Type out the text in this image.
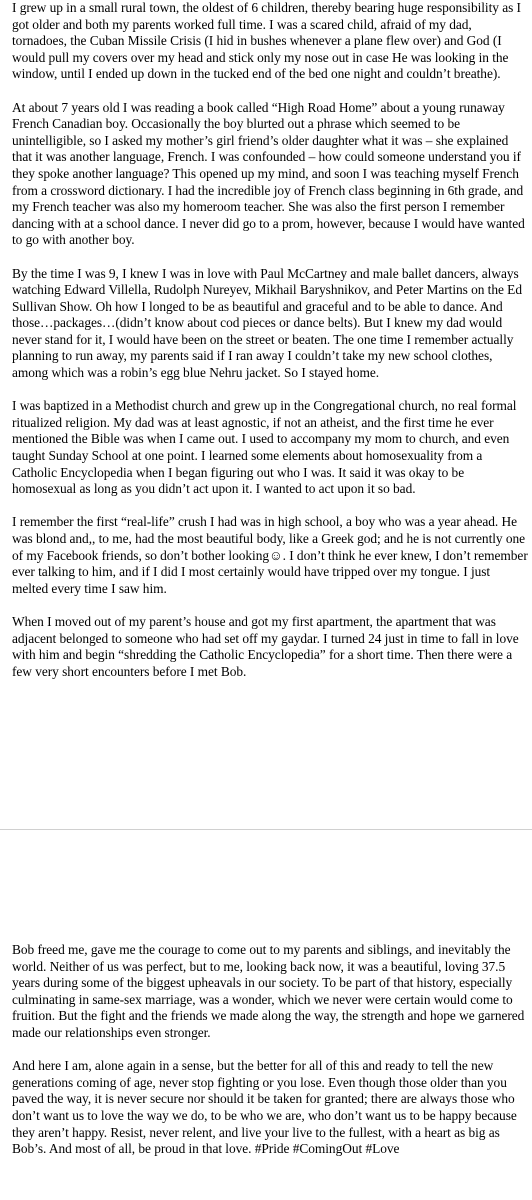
I grew up in a small rural town, the oldest of 6 children, thereby bearing huge responsibility as I got older and both my parents worked full time. I was a scared child, afraid of my dad, tornadoes, the Cuban Missile Crisis (I hid in bushes whenever a plane flew over) and God (I would pull my covers over my head and stick only my nose out in case He was looking in the window, until I ended up down in the tucked end of the bed one night and couldn’t breathe).

At about 7 years old I was reading a book called “High Road Home” about a young runaway French Canadian boy. Occasionally the boy blurted out a phrase which seemed to be unintelligible, so I asked my mother’s girl friend’s older daughter what it was – she explained that it was another language, French. I was confounded – how could someone understand you if they spoke another language? This opened up my mind, and soon I was teaching myself French from a crossword dictionary. I had the incredible joy of French class beginning in 6th grade, and my French teacher was also my homeroom teacher. She was also the first person I remember dancing with at a school dance. I never did go to a prom, however, because I would have wanted to go with another boy.

By the time I was 9, I knew I was in love with Paul McCartney and male ballet dancers, always watching Edward Villella, Rudolph Nureyev, Mikhail Baryshnikov, and Peter Martins on the Ed Sullivan Show. Oh how I longed to be as beautiful and graceful and to be able to dance. And those…packages…(didn’t know about cod pieces or dance belts). But I knew my dad would never stand for it, I would have been on the street or beaten. The one time I remember actually planning to run away, my parents said if I ran away I couldn’t take my new school clothes, among which was a robin’s egg blue Nehru jacket. So I stayed home.

I was baptized in a Methodist church and grew up in the Congregational church, no real formal ritualized religion. My dad was at least agnostic, if not an atheist, and the first time he ever mentioned the Bible was when I came out. I used to accompany my mom to church, and even taught Sunday School at one point. I learned some elements about homosexuality from a Catholic Encyclopedia when I began figuring out who I was. It said it was okay to be homosexual as long as you didn’t act upon it. I wanted to act upon it so bad.

I remember the first “real-life” crush I had was in high school, a boy who was a year ahead. He was blond and,, to me, had the most beautiful body, like a Greek god; and he is not currently one of my Facebook friends, so don’t bother looking☺. I don’t think he ever knew, I don’t remember ever talking to him, and if I did I most certainly would have tripped over my tongue. I just melted every time I saw him.

When I moved out of my parent’s house and got my first apartment, the apartment that was adjacent belonged to someone who had set off my gaydar. I turned 24 just in time to fall in love with him and begin “shredding the Catholic Encyclopedia” for a short time. Then there were a few very short encounters before I met Bob.

Bob freed me, gave me the courage to come out to my parents and siblings, and inevitably the world. Neither of us was perfect, but to me, looking back now, it was a beautiful, loving 37.5 years during some of the biggest upheavals in our society. To be part of that history, especially culminating in same-sex marriage, was a wonder, which we never were certain would come to fruition. But the fight and the friends we made along the way, the strength and hope we garnered made our relationships even stronger.

And here I am, alone again in a sense, but the better for all of this and ready to tell the new generations coming of age, never stop fighting or you lose. Even though those older than you paved the way, it is never secure nor should it be taken for granted; there are always those who don’t want us to love the way we do, to be who we are, who don’t want us to be happy because they aren’t happy. Resist, never relent, and live your live to the fullest, with a heart as big as Bob’s. And most of all, be proud in that love. #Pride #ComingOut #Love
